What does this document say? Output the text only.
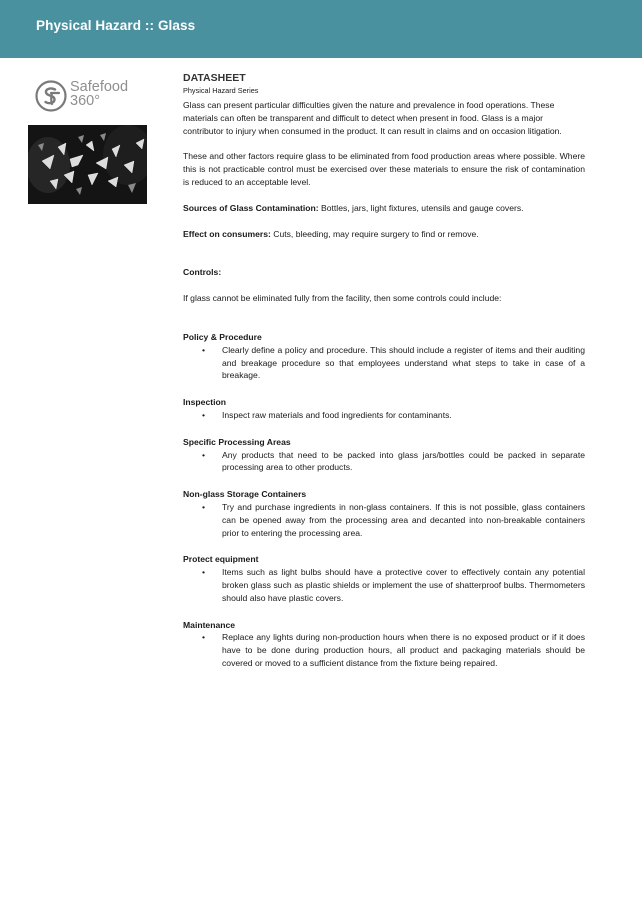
Physical Hazard :: Glass
Safefood
360°
DATASHEET
Physical Hazard Series

Glass can present particular difficulties given the nature and prevalence in food operations. These materials can often be transparent and difficult to detect when present in food. Glass is a major contributor to injury when consumed in the product. It can result in claims and on occasion litigation.

These and other factors require glass to be eliminated from food production areas where possible. Where this is not practicable control must be exercised over these materials to ensure the risk of contamination is reduced to an acceptable level.

Sources of Glass Contamination: Bottles, jars, light fixtures, utensils and gauge covers.

Effect on consumers: Cuts, bleeding, may require surgery to find or remove.

Controls:

If glass cannot be eliminated fully from the facility, then some controls could include:

Policy & Procedure
• Clearly define a policy and procedure. This should include a register of items and their auditing and breakage procedure so that employees understand what steps to take in case of a breakage.
Inspection
• Inspect raw materials and food ingredients for contaminants.
Specific Processing Areas
• Any products that need to be packed into glass jars/bottles could be packed in separate processing area to other products.
Non-glass Storage Containers
• Try and purchase ingredients in non-glass containers. If this is not possible, glass containers can be opened away from the processing area and decanted into non-breakable containers prior to entering the processing area.
Protect equipment
• Items such as light bulbs should have a protective cover to effectively contain any potential broken glass such as plastic shields or implement the use of shatterproof bulbs. Thermometers should also have plastic covers.
Maintenance
• Replace any lights during non-production hours when there is no exposed product or if it does have to be done during production hours, all product and packaging materials should be covered or moved to a sufficient distance from the fixture being repaired.
